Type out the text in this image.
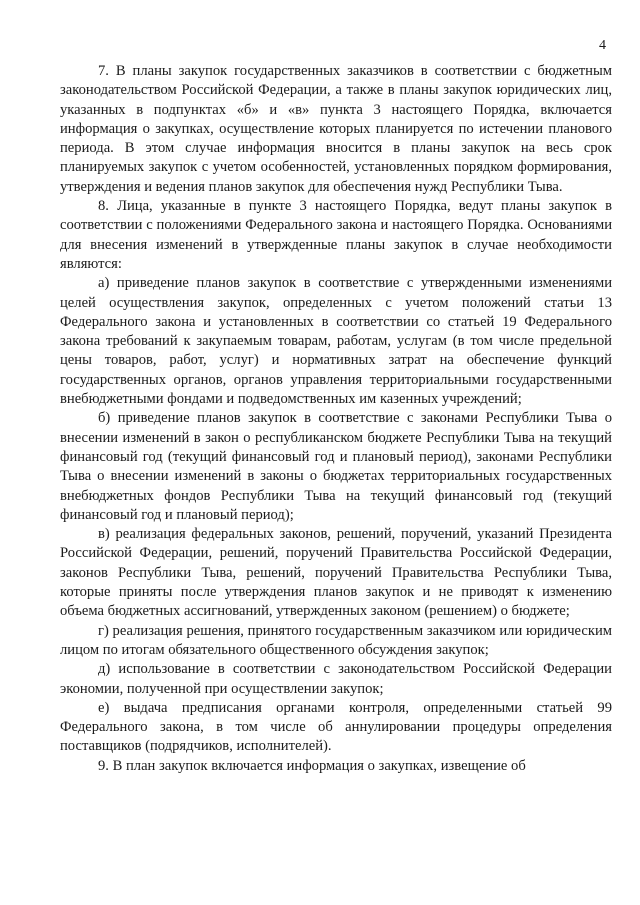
4

7. В планы закупок государственных заказчиков в соответствии с бюджетным законодательством Российской Федерации, а также в планы закупок юридических лиц, указанных в подпунктах «б» и «в» пункта 3 настоящего Порядка, включается информация о закупках, осуществление которых планируется по истечении планового периода. В этом случае информация вносится в планы закупок на весь срок планируемых закупок с учетом особенностей, установленных порядком формирования, утверждения и ведения планов закупок для обеспечения нужд Республики Тыва.

8. Лица, указанные в пункте 3 настоящего Порядка, ведут планы закупок в соответствии с положениями Федерального закона и настоящего Порядка. Основаниями для внесения изменений в утвержденные планы закупок в случае необходимости являются:

а) приведение планов закупок в соответствие с утвержденными изменениями целей осуществления закупок, определенных с учетом положений статьи 13 Федерального закона и установленных в соответствии со статьей 19 Федерального закона требований к закупаемым товарам, работам, услугам (в том числе предельной цены товаров, работ, услуг) и нормативных затрат на обеспечение функций государственных органов, органов управления территориальными государственными внебюджетными фондами и подведомственных им казенных учреждений;

б) приведение планов закупок в соответствие с законами Республики Тыва о внесении изменений в закон о республиканском бюджете Республики Тыва на текущий финансовый год (текущий финансовый год и плановый период), законами Республики Тыва о внесении изменений в законы о бюджетах территориальных государственных внебюджетных фондов Республики Тыва на текущий финансовый год (текущий финансовый год и плановый период);

в) реализация федеральных законов, решений, поручений, указаний Президента Российской Федерации, решений, поручений Правительства Российской Федерации, законов Республики Тыва, решений, поручений Правительства Республики Тыва, которые приняты после утверждения планов закупок и не приводят к изменению объема бюджетных ассигнований, утвержденных законом (решением) о бюджете;

г) реализация решения, принятого государственным заказчиком или юридическим лицом по итогам обязательного общественного обсуждения закупок;

д) использование в соответствии с законодательством Российской Федерации экономии, полученной при осуществлении закупок;

е) выдача предписания органами контроля, определенными статьей 99 Федерального закона, в том числе об аннулировании процедуры определения поставщиков (подрядчиков, исполнителей).

9. В план закупок включается информация о закупках, извещение об
